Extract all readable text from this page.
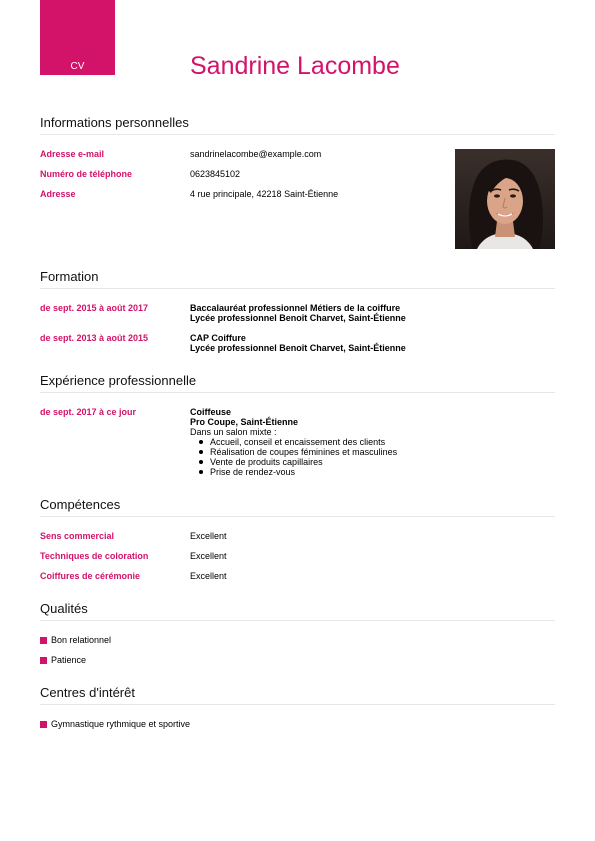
CV	Sandrine Lacombe
Informations personnelles
Adresse e-mail	sandrinelacombe@example.com
Numéro de téléphone	0623845102
Adresse	4 rue principale, 42218 Saint-Étienne
Formation
de sept. 2015 à août 2017	Baccalauréat professionnel Métiers de la coiffure
Lycée professionnel Benoît Charvet, Saint-Étienne
de sept. 2013 à août 2015	CAP Coiffure
Lycée professionnel Benoît Charvet, Saint-Étienne
Expérience professionnelle
de sept. 2017 à ce jour	Coiffeuse
Pro Coupe, Saint-Étienne
Dans un salon mixte :
Accueil, conseil et encaissement des clients
Réalisation de coupes féminines et masculines
Vente de produits capillaires
Prise de rendez-vous
Compétences
Sens commercial	Excellent
Techniques de coloration	Excellent
Coiffures de cérémonie	Excellent
Qualités
Bon relationnel
Patience
Centres d'intérêt
Gymnastique rythmique et sportive
